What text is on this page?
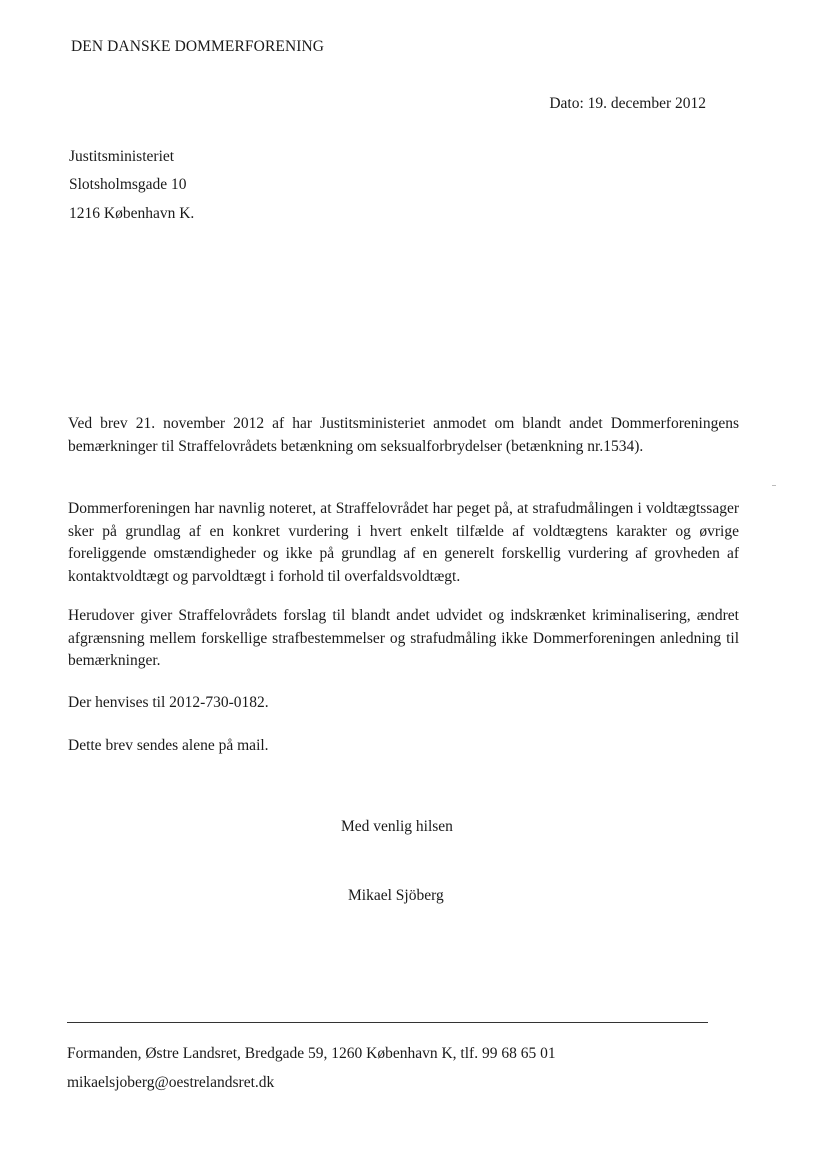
DEN DANSKE DOMMERFORENING
Dato: 19. december 2012
Justitsministeriet
Slotsholmsgade 10
1216 København K.

Ved brev 21. november 2012 af har Justitsministeriet anmodet om blandt andet Dommerforeningens bemærkninger til Straffelovrådets betænkning om seksualforbrydelser (betænkning nr.1534).

Dommerforeningen har navnlig noteret, at Straffelovrådet har peget på, at strafudmålingen i voldtægtssager sker på grundlag af en konkret vurdering i hvert enkelt tilfælde af voldtægtens karakter og øvrige foreliggende omstændigheder og ikke på grundlag af en generelt forskellig vurdering af grovheden af kontaktvoldtægt og parvoldtægt i forhold til overfaldsvoldtægt.

Herudover giver Straffelovrådets forslag til blandt andet udvidet og indskrænket kriminalisering, ændret afgrænsning mellem forskellige strafbestemmelser og strafudmåling ikke Dommerforeningen anledning til bemærkninger.

Der henvises til 2012-730-0182.

Dette brev sendes alene på mail.

Med venlig hilsen
Mikael Sjöberg
Formanden, Østre Landsret, Bredgade 59, 1260 København K, tlf. 99 68 65 01
mikaelsjoberg@oestrelandsret.dk
